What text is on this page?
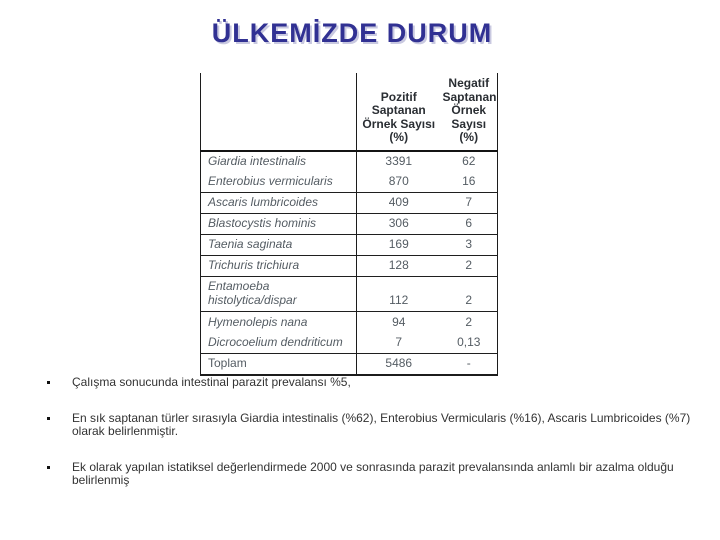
ÜLKEMİZDE DURUM
	Pozitif Saptanan Örnek Sayısı (%)	Negatif Saptanan Örnek Sayısı (%)
Giardia intestinalis	3391	62
Enterobius vermicularis	870	16
Ascaris lumbricoides	409	7
Blastocystis hominis	306	6
Taenia saginata	169	3
Trichuris trichiura	128	2
Entamoeba histolytica/dispar	112	2
Hymenolepis nana	94	2
Dicrocoelium dendriticum	7	0,13
Toplam	5486	-
Çalışma sonucunda intestinal parazit prevalansı %5,
En sık saptanan türler sırasıyla Giardia intestinalis (%62), Enterobius Vermicularis (%16), Ascaris Lumbricoides (%7) olarak belirlenmiştir.
Ek olarak yapılan istatiksel değerlendirmede 2000 ve sonrasında parazit prevalansında anlamlı bir azalma olduğu belirlenmiş
